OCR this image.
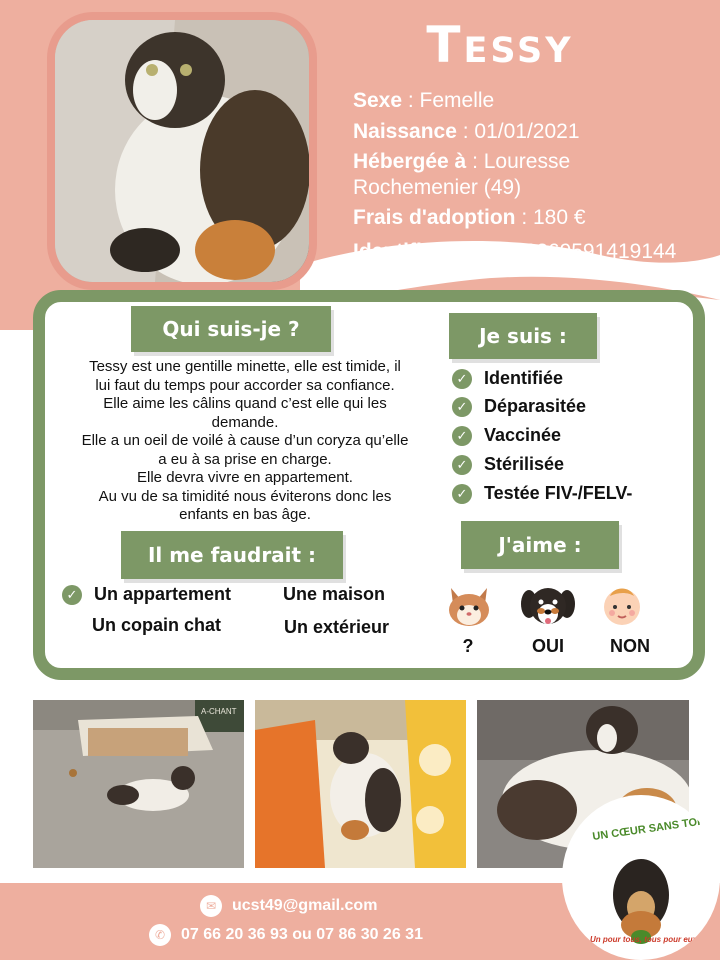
Tessy
Sexe : Femelle
Naissance : 01/01/2021
Hébergée à : Louresse
Rochemenier (49)
Frais d'adoption : 180 €
Identification : 250269591419144
Qui suis-je ?
Tessy est une gentille minette, elle est timide, il
lui faut du temps pour accorder sa confiance.
Elle aime les câlins quand c’est elle qui les
demande.
Elle a un oeil de voilé à cause d’un coryza qu’elle
a eu à sa prise en charge.
Elle devra vivre en appartement.
Au vu de sa timidité nous éviterons donc les
enfants en bas âge.
Je suis :
✓ Identifiée
✓ Déparasitée
✓ Vaccinée
✓ Stérilisée
✓ Testée FIV-/FELV-
Il me faudrait :
✓ Un appartement	Une maison
Un copain chat	Un extérieur
J'aime :
?	OUI	NON
A-CHANT
✉ ucst49@gmail.com
✆ 07 66 20 36 93 ou 07 86 30 26 31
UN CŒUR SANS TOIT
Un pour tous, tous pour eux !
